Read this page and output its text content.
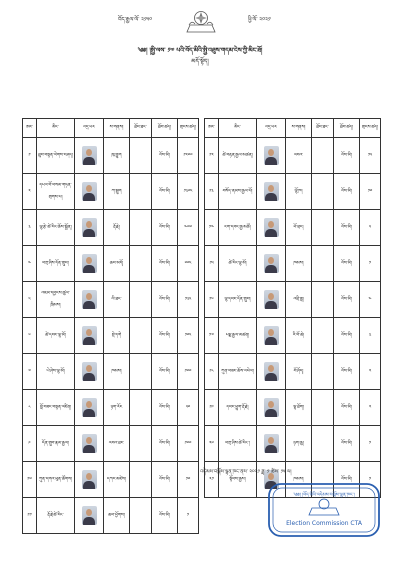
བོད་རྒྱལ་ལོ་ ༢༡༥༠	ཕྱི་ལོ་ ༢༠༢༡
༄༅། །སྤྱི་ལས་ ༡༧ པའི་བོད་མིའི་སྤྱི་འཐུས་གདམ་ངེས་ཀྱི་མིང་ཐོ།
མདོ་སྟོད།
ཨང་	མིང་	འདྲ་པར	ས་གནས།	ཐོབ་ཐང་	ཐོབ་ཚད།	གྲངས་ཚད།
༡	ཐུབ་བསྟན་ལེགས་བཤད།		ཁུ་བྱུག		འོས་མི།	༡༢༠༠
༢	དཔའ་བོ་བསམ་གཏན་གྲགས་པ།		ཀ་སྦུག		འོས་མི།	༡༣༠༥
༣	ལྷ་རྩེ་ཚེ་རིང་ཆོས་སྒྲོན།		རྡོ་རྗེ།		འོས་མི།	༤༠༠
༤	བཀྲ་ཤིས་དོན་གྲུབ།		ཆབ་མདོ།		འོས་མི།	༠༠༥
༥	འཇམ་དབྱངས་ཚུལ་ཁྲིམས།		ལི་ཐང་		འོས་མི།	༡༣༥
༦	ཚེ་དབང་ལྷ་མོ།		སྡེ་དགེ		འོས་མི།	༡༠༥
༧	ཡེ་ཤེས་ལྷ་མོ།		ཁམས།		འོས་མི།	༡༠༠
༨	བློ་བཟང་བསྟན་འཛིན།		ཉག་རོང		འོས་མི།	༥༠
༩	དོན་གྲུབ་རྣམ་རྒྱལ།		འབའ་ཐང་		འོས་མི།	༡༠༠
༡༠	ཀུན་དགའ་ཕུན་ཚོགས།		དཀར་མཛེས།		འོས་མི།	༡༠
༡༡	རྡོ་རྗེ་ཚེ་རིང་		ཆབ་ཕྱོགས།		འོས་མི།	༡
ཨང་	མིང་	འདྲ་པར	ས་གནས།	ཐོབ་ཐང་	ཐོབ་ཚད།	གྲངས་ཚད།
༡༢	ཚེ་བརྟན་རྒྱལ་མཚན།		འབའ་		འོས་མི།	༡༥
༡༣	བསོད་ནམས་རྒྱལ་པོ།		ལྷོ་ཁ།		འོས་མི།	༡༠
༡༤	ངག་དབང་རྒྱ་མཚོ།		ཕོ་བྲང།		འོས་མི།	༥
༡༥	ཚེ་རིང་ལྷ་མོ།		ཁམས།		འོས་མི།	༡
༡༦	ལྷ་དབང་དོན་གྲུབ།		འབྲི་ཟླ།		འོས་མི།	༤
༡༧	པདྨ་རྒྱལ་མཚན།		རི་བོ་ཆེ།		འོས་མི།	༣
༡༨	ཀུན་བཟང་ཆོས་འཕེལ།		བོ་ཤོད།		འོས་མི།	༢
༡༩	དབང་ཕྱུག་རྡོ་རྗེ།		ལྷ་ཐོག།		འོས་མི།	༢
༢༠	བཀྲ་ཤིས་ཚེ་རིང་།		ཉག་ཆུ།		འོས་མི།	༡
༢༡	སྟོབས་རྒྱས།		ཁམས།		འོས་མི།	༡
འདེམས་བསྐོས་ལྷན་ཁང་ནས་ ༢༠༢༡ ཟླ་ ༡ ཚེས་ ༡༥ ལ།
༄༅། །བོད་མིའི་འདེམས་བསྐོས་ལྷན་ཁང་།
Election Commission CTA
